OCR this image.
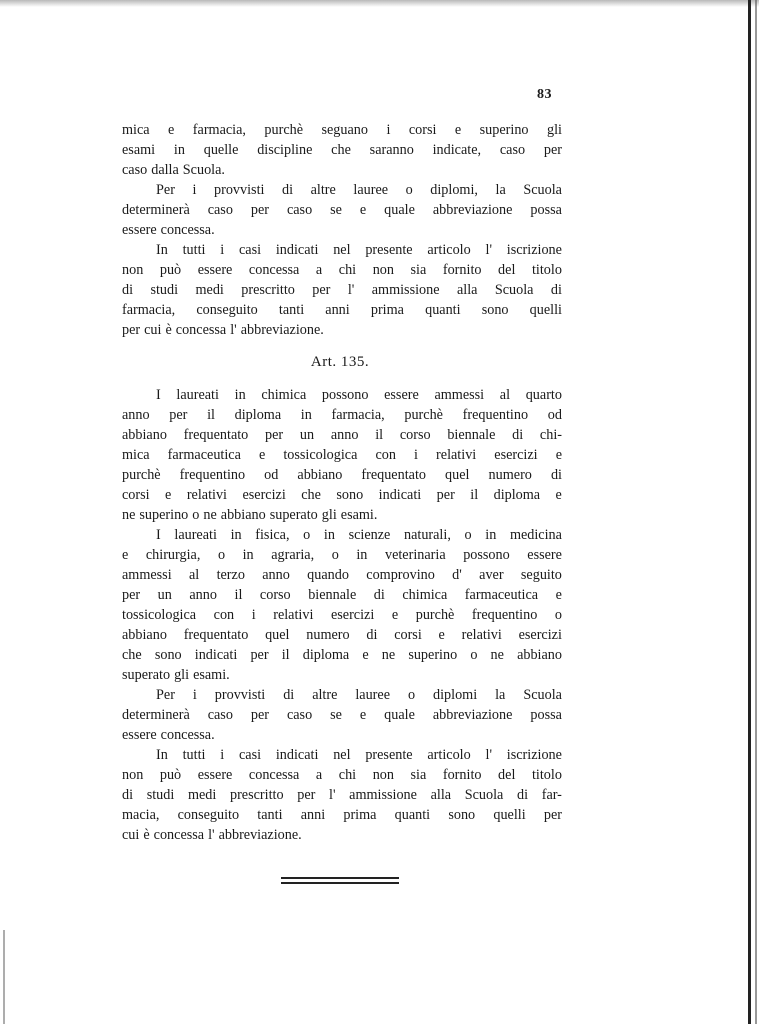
83
mica e farmacia, purchè seguano i corsi e superino gli
esami in quelle discipline che saranno indicate, caso per
caso dalla Scuola.
Per i provvisti di altre lauree o diplomi, la Scuola
determinerà caso per caso se e quale abbreviazione possa
essere concessa.
In tutti i casi indicati nel presente articolo l' iscrizione
non può essere concessa a chi non sia fornito del titolo
di studi medi prescritto per l' ammissione alla Scuola di
farmacia, conseguito tanti anni prima quanti sono quelli
per cui è concessa l' abbreviazione.
Art. 135.
I laureati in chimica possono essere ammessi al quarto
anno per il diploma in farmacia, purchè frequentino od
abbiano frequentato per un anno il corso biennale di chi-
mica farmaceutica e tossicologica con i relativi esercizi e
purchè frequentino od abbiano frequentato quel numero di
corsi e relativi esercizi che sono indicati per il diploma e
ne superino o ne abbiano superato gli esami.
I laureati in fisica, o in scienze naturali, o in medicina
e chirurgia, o in agraria, o in veterinaria possono essere
ammessi al terzo anno quando comprovino d' aver seguito
per un anno il corso biennale di chimica farmaceutica e
tossicologica con i relativi esercizi e purchè frequentino o
abbiano frequentato quel numero di corsi e relativi esercizi
che sono indicati per il diploma e ne superino o ne abbiano
superato gli esami.
Per i provvisti di altre lauree o diplomi la Scuola
determinerà caso per caso se e quale abbreviazione possa
essere concessa.
In tutti i casi indicati nel presente articolo l' iscrizione
non può essere concessa a chi non sia fornito del titolo
di studi medi prescritto per l' ammissione alla Scuola di far-
macia, conseguito tanti anni prima quanti sono quelli per
cui è concessa l' abbreviazione.
